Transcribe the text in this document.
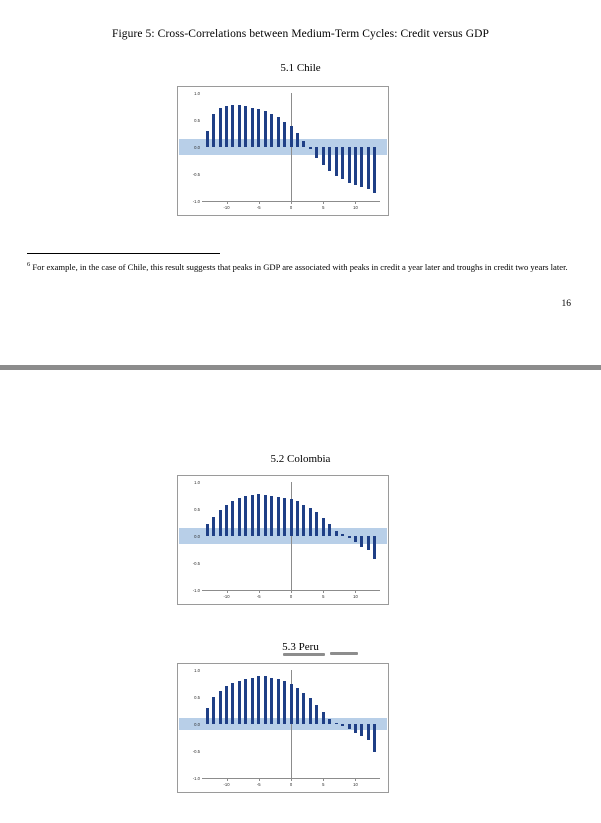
Figure 5: Cross-Correlations between Medium-Term Cycles: Credit versus GDP
5.1 Chile
1.0
0.5
0.0
-0.5
-1.0
-10	-5	0	5	10
$^6$ For example, in the case of Chile, this result suggests that peaks in GDP are associated with peaks in credit a year later and troughs in credit two years later.
16
5.2 Colombia
1.0
0.5
0.0
-0.5
-1.0
-10	-5	0	5	10
5.3 Peru
1.0
0.5
0.0
-0.5
-1.0
-10	-5	0	5	10
